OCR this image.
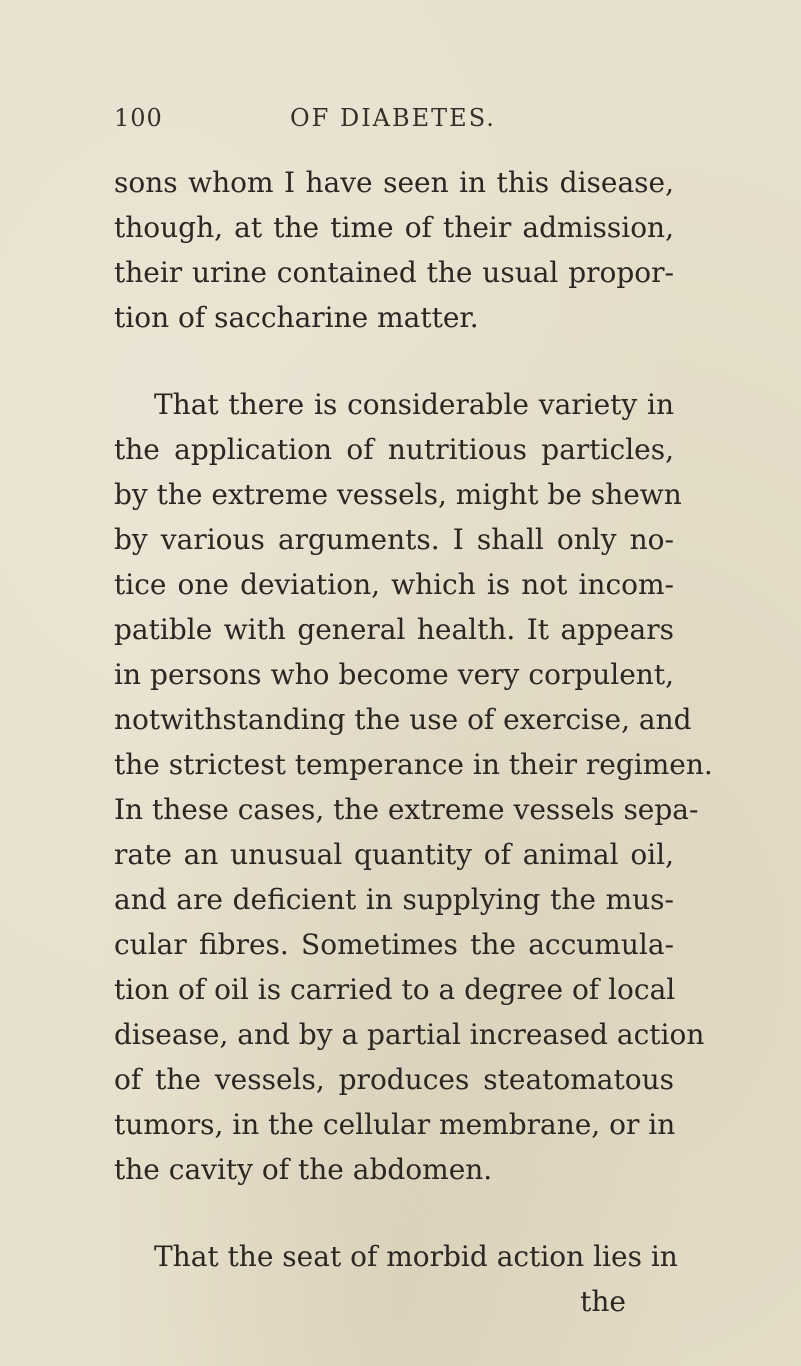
100	OF DIABETES.
sons whom I have seen in this disease,
though, at the time of their admission,
their urine contained the usual propor-
tion of saccharine matter.
That there is considerable variety in
the application of nutritious particles,
by the extreme vessels, might be shewn
by various arguments. I shall only no-
tice one deviation, which is not incom-
patible with general health. It appears
in persons who become very corpulent,
notwithstanding the use of exercise, and
the strictest temperance in their regimen.
In these cases, the extreme vessels sepa-
rate an unusual quantity of animal oil,
and are deficient in supplying the mus-
cular fibres. Sometimes the accumula-
tion of oil is carried to a degree of local
disease, and by a partial increased action
of the vessels, produces steatomatous
tumors, in the cellular membrane, or in
the cavity of the abdomen.
That the seat of morbid action lies in
the
